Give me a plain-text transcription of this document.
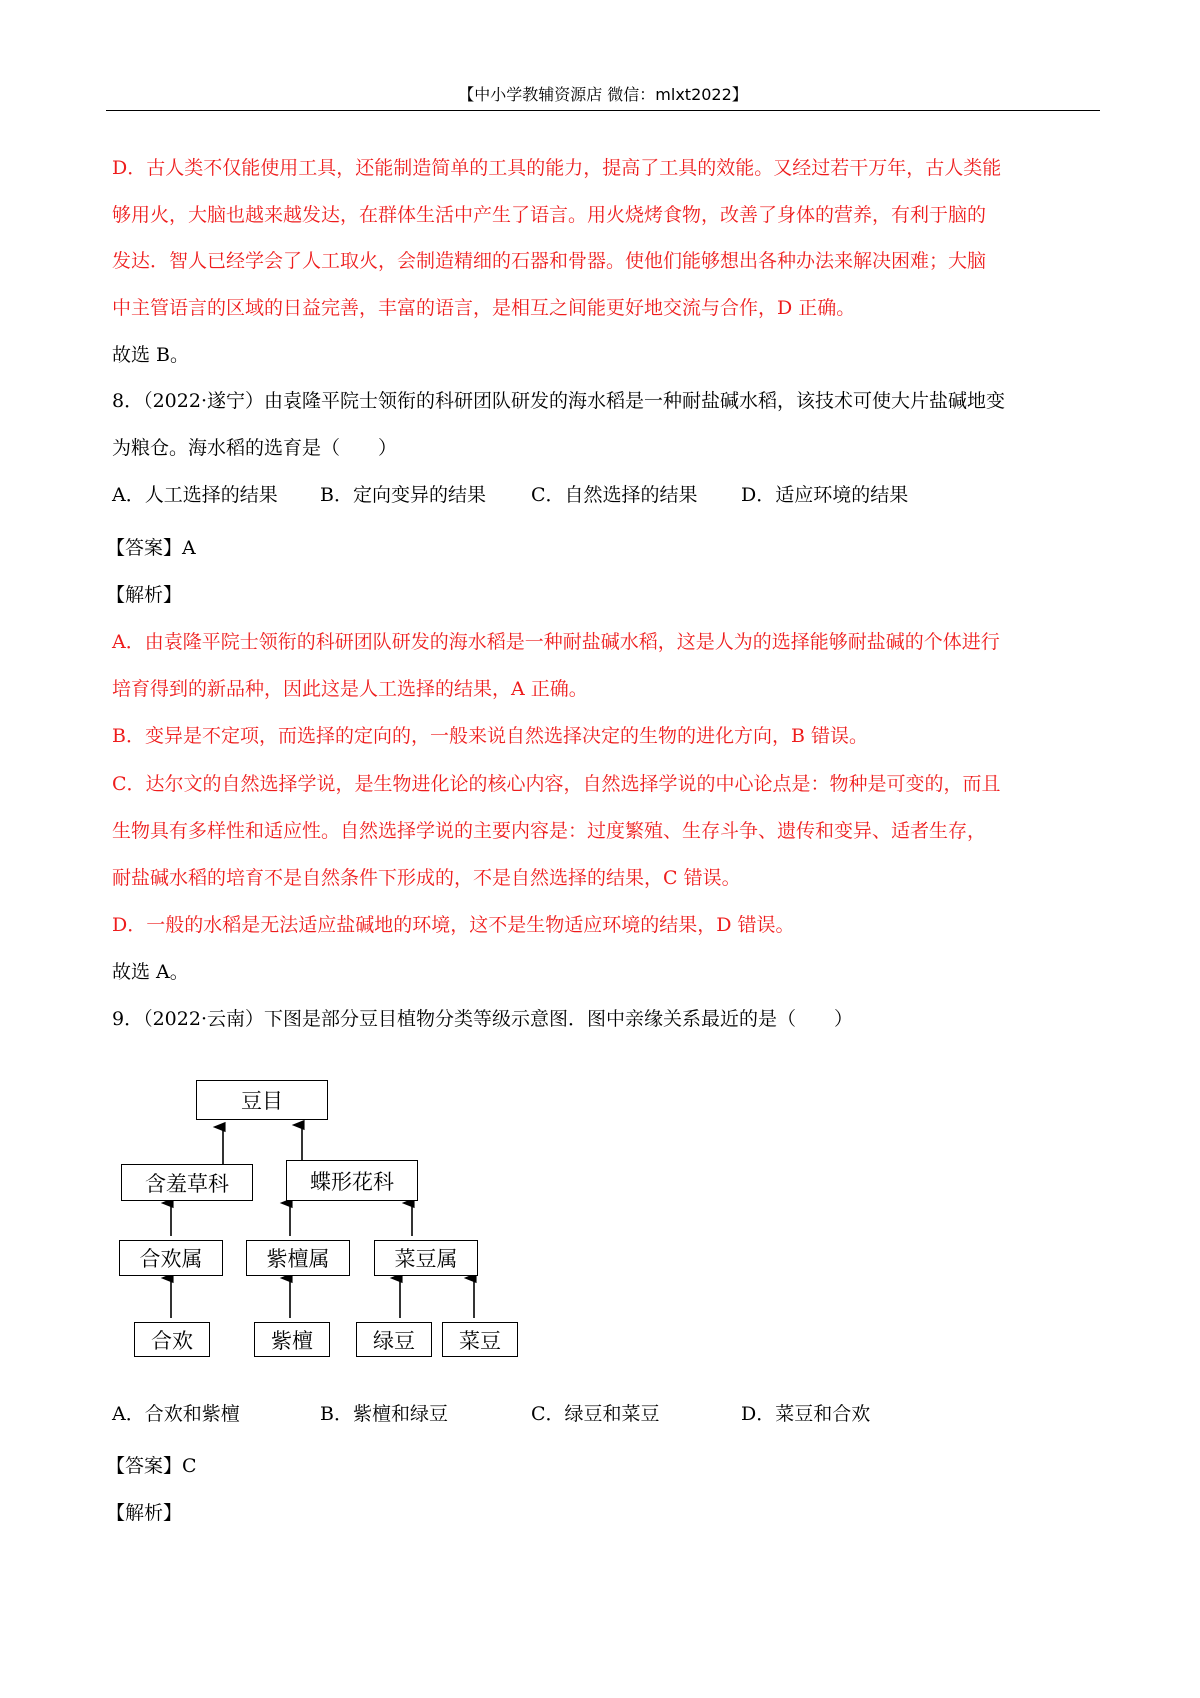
【中小学教辅资源店 微信：mlxt2022】
D．古人类不仅能使用工具，还能制造简单的工具的能力，提高了工具的效能。又经过若干万年，古人类能
够用火，大脑也越来越发达，在群体生活中产生了语言。用火烧烤食物，改善了身体的营养，有利于脑的
发达．智人已经学会了人工取火，会制造精细的石器和骨器。使他们能够想出各种办法来解决困难；大脑
中主管语言的区域的日益完善，丰富的语言，是相互之间能更好地交流与合作，D 正确。
故选 B。
8．（2022·遂宁）由袁隆平院士领衔的科研团队研发的海水稻是一种耐盐碱水稻，该技术可使大片盐碱地变
为粮仓。海水稻的选育是（　　）
A．人工选择的结果 B．定向变异的结果 C．自然选择的结果 D．适应环境的结果
【答案】A
【解析】
A．由袁隆平院士领衔的科研团队研发的海水稻是一种耐盐碱水稻，这是人为的选择能够耐盐碱的个体进行
培育得到的新品种，因此这是人工选择的结果，A 正确。
B．变异是不定项，而选择的定向的，一般来说自然选择决定的生物的进化方向，B 错误。
C．达尔文的自然选择学说，是生物进化论的核心内容，自然选择学说的中心论点是：物种是可变的，而且
生物具有多样性和适应性。自然选择学说的主要内容是：过度繁殖、生存斗争、遗传和变异、适者生存，
耐盐碱水稻的培育不是自然条件下形成的，不是自然选择的结果，C 错误。
D．一般的水稻是无法适应盐碱地的环境，这不是生物适应环境的结果，D 错误。
故选 A。
9．（2022·云南）下图是部分豆目植物分类等级示意图．图中亲缘关系最近的是（　　）
豆目
含羞草科	蝶形花科
合欢属	紫檀属	菜豆属
合欢	紫檀	绿豆	菜豆
A．合欢和紫檀	B．紫檀和绿豆	C．绿豆和菜豆	D．菜豆和合欢
【答案】C
【解析】
